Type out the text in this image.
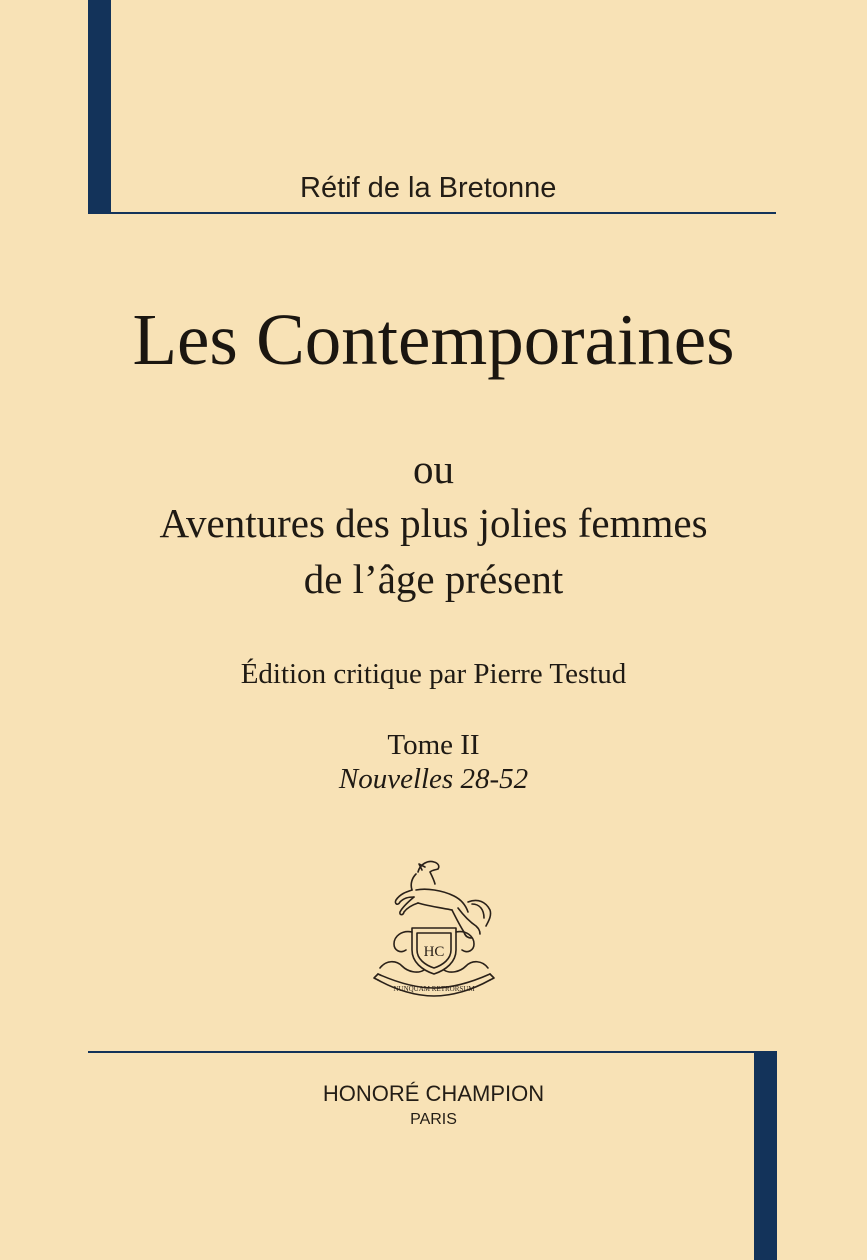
Rétif de la Bretonne
Les Contemporaines
ou
Aventures des plus jolies femmes
de l’âge présent
Édition critique par Pierre Testud
Tome II
Nouvelles 28-52
HC
NUNQUAM RETRORSUM
HONORÉ CHAMPION
PARIS
